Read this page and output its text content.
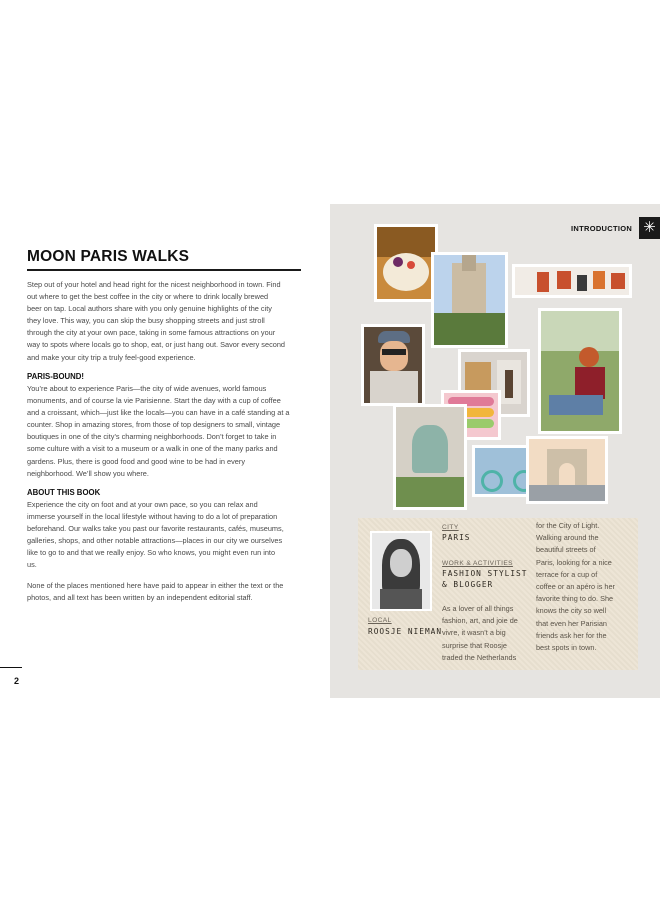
MOON PARIS WALKS

Step out of your hotel and head right for the nicest neighborhood in town. Find
out where to get the best coffee in the city or where to drink locally brewed
beer on tap. Local authors share with you only genuine highlights of the city
they love. This way, you can skip the busy shopping streets and just stroll
through the city at your own pace, taking in some famous attractions on your
way to spots where locals go to shop, eat, or just hang out. Savor every second
and make your city trip a truly feel-good experience.

PARIS-BOUND!

You’re about to experience Paris—the city of wide avenues, world famous
monuments, and of course la vie Parisienne. Start the day with a cup of coffee
and a croissant, which—just like the locals—you can have in a café standing at a
counter. Shop in amazing stores, from those of top designers to small, vintage
boutiques in one of the city’s charming neighborhoods. Don’t forget to take in
some culture with a visit to a museum or a walk in one of the many parks and
gardens. Plus, there is good food and good wine to be had in every
neighborhood. We’ll show you where.

ABOUT THIS BOOK

Experience the city on foot and at your own pace, so you can relax and
immerse yourself in the local lifestyle without having to do a lot of preparation
beforehand. Our walks take you past our favorite restaurants, cafés, museums,
galleries, shops, and other notable attractions—places in our city we ourselves
like to go to and that we really enjoy. So who knows, you might even run into
us.

None of the places mentioned here have paid to appear in either the text or the
photos, and all text has been written by an independent editorial staff.

2
INTRODUCTION ✳
LOCAL
ROOSJE NIEMAN
CITY
PARIS
WORK & ACTIVITIES
FASHION STYLIST
& BLOGGER
As a lover of all things
fashion, art, and joie de
vivre, it wasn’t a big
surprise that Roosje
traded the Netherlands
for the City of Light.
Walking around the
beautiful streets of
Paris, looking for a nice
terrace for a cup of
coffee or an apéro is her
favorite thing to do. She
knows the city so well
that even her Parisian
friends ask her for the
best spots in town.
